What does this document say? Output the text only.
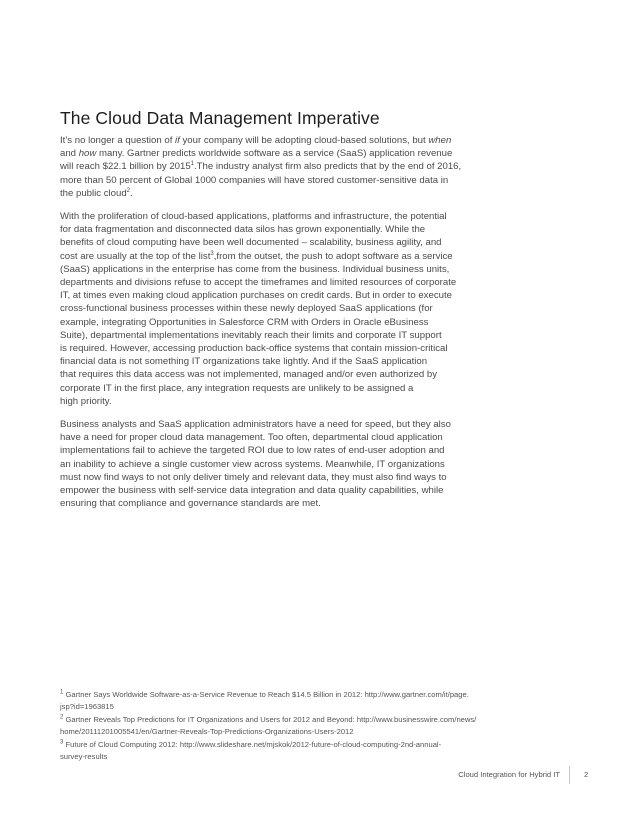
The Cloud Data Management Imperative
It’s no longer a question of if your company will be adopting cloud-based solutions, but when
and how many. Gartner predicts worldwide software as a service (SaaS) application revenue
will reach $22.1 billion by 2015$^1$.The industry analyst firm also predicts that by the end of 2016,
more than 50 percent of Global 1000 companies will have stored customer-sensitive data in
the public cloud$^2$.
With the proliferation of cloud-based applications, platforms and infrastructure, the potential
for data fragmentation and disconnected data silos has grown exponentially. While the
benefits of cloud computing have been well documented – scalability, business agility, and
cost are usually at the top of the list$^3$,from the outset, the push to adopt software as a service
(SaaS) applications in the enterprise has come from the business. Individual business units,
departments and divisions refuse to accept the timeframes and limited resources of corporate
IT, at times even making cloud application purchases on credit cards. But in order to execute
cross-functional business processes within these newly deployed SaaS applications (for
example, integrating Opportunities in Salesforce CRM with Orders in Oracle eBusiness
Suite), departmental implementations inevitably reach their limits and corporate IT support
is required. However, accessing production back-office systems that contain mission-critical
financial data is not something IT organizations take lightly. And if the SaaS application
that requires this data access was not implemented, managed and/or even authorized by
corporate IT in the first place, any integration requests are unlikely to be assigned a
high priority.
Business analysts and SaaS application administrators have a need for speed, but they also
have a need for proper cloud data management. Too often, departmental cloud application
implementations fail to achieve the targeted ROI due to low rates of end-user adoption and
an inability to achieve a single customer view across systems. Meanwhile, IT organizations
must now find ways to not only deliver timely and relevant data, they must also find ways to
empower the business with self-service data integration and data quality capabilities, while
ensuring that compliance and governance standards are met.
$^1$ Gartner Says Worldwide Software-as-a-Service Revenue to Reach $14.5 Billion in 2012: http://www.gartner.com/it/page.
jsp?id=1963815
$^2$ Gartner Reveals Top Predictions for IT Organizations and Users for 2012 and Beyond: http://www.businesswire.com/news/
home/20111201005541/en/Gartner-Reveals-Top-Predictions-Organizations-Users-2012
$^3$ Future of Cloud Computing 2012: http://www.slideshare.net/mjskok/2012-future-of-cloud-computing-2nd-annual-
survey-results
Cloud Integration for Hybrid IT	2
